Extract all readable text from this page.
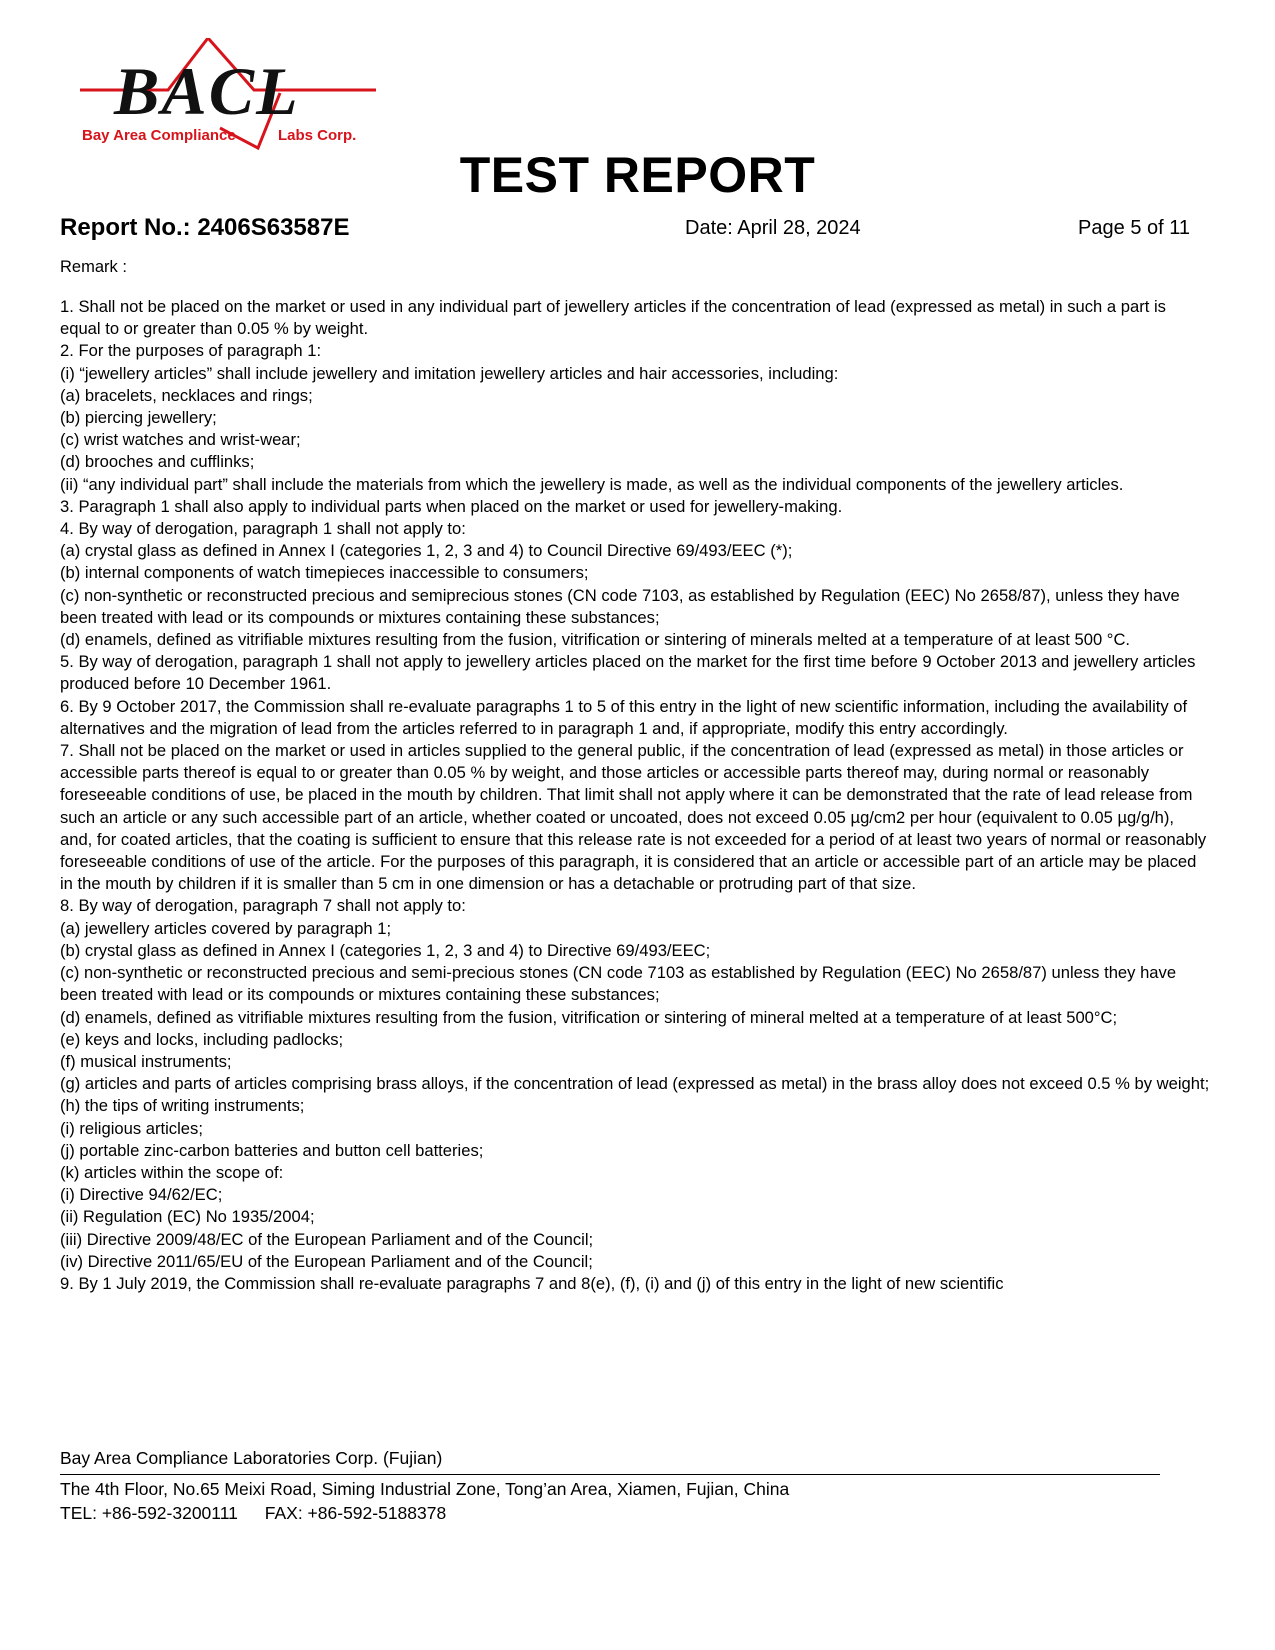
BACL
Bay Area Compliance	Labs Corp.
TEST REPORT
Report No.: 2406S63587E	Date: April 28, 2024	Page 5 of 11

Remark :

1. Shall not be placed on the market or used in any individual part of jewellery articles if the concentration of lead (expressed as metal) in such a part is equal to or greater than 0.05 % by weight.
2. For the purposes of paragraph 1:
(i) “jewellery articles” shall include jewellery and imitation jewellery articles and hair accessories, including:
(a) bracelets, necklaces and rings;
(b) piercing jewellery;
(c) wrist watches and wrist-wear;
(d) brooches and cufflinks;
(ii) “any individual part” shall include the materials from which the jewellery is made, as well as the individual components of the jewellery articles.
3. Paragraph 1 shall also apply to individual parts when placed on the market or used for jewellery-making.
4. By way of derogation, paragraph 1 shall not apply to:
(a) crystal glass as defined in Annex I (categories 1, 2, 3 and 4) to Council Directive 69/493/EEC (*);
(b) internal components of watch timepieces inaccessible to consumers;
(c) non-synthetic or reconstructed precious and semiprecious stones (CN code 7103, as established by Regulation (EEC) No 2658/87), unless they have been treated with lead or its compounds or mixtures containing these substances;
(d) enamels, defined as vitrifiable mixtures resulting from the fusion, vitrification or sintering of minerals melted at a temperature of at least 500 °C.
5. By way of derogation, paragraph 1 shall not apply to jewellery articles placed on the market for the first time before 9 October 2013 and jewellery articles produced before 10 December 1961.
6. By 9 October 2017, the Commission shall re-evaluate paragraphs 1 to 5 of this entry in the light of new scientific information, including the availability of alternatives and the migration of lead from the articles referred to in paragraph 1 and, if appropriate, modify this entry accordingly.
7. Shall not be placed on the market or used in articles supplied to the general public, if the concentration of lead (expressed as metal) in those articles or accessible parts thereof is equal to or greater than 0.05 % by weight, and those articles or accessible parts thereof may, during normal or reasonably foreseeable conditions of use, be placed in the mouth by children. That limit shall not apply where it can be demonstrated that the rate of lead release from such an article or any such accessible part of an article, whether coated or uncoated, does not exceed 0.05 µg/cm2 per hour (equivalent to 0.05 µg/g/h), and, for coated articles, that the coating is sufficient to ensure that this release rate is not exceeded for a period of at least two years of normal or reasonably foreseeable conditions of use of the article. For the purposes of this paragraph, it is considered that an article or accessible part of an article may be placed in the mouth by children if it is smaller than 5 cm in one dimension or has a detachable or protruding part of that size.
8. By way of derogation, paragraph 7 shall not apply to:
(a) jewellery articles covered by paragraph 1;
(b) crystal glass as defined in Annex I (categories 1, 2, 3 and 4) to Directive 69/493/EEC;
(c) non-synthetic or reconstructed precious and semi-precious stones (CN code 7103 as established by Regulation (EEC) No 2658/87) unless they have been treated with lead or its compounds or mixtures containing these substances;
(d) enamels, defined as vitrifiable mixtures resulting from the fusion, vitrification or sintering of mineral melted at a temperature of at least 500°C;
(e) keys and locks, including padlocks;
(f) musical instruments;
(g) articles and parts of articles comprising brass alloys, if the concentration of lead (expressed as metal) in the brass alloy does not exceed 0.5 % by weight;
(h) the tips of writing instruments;
(i) religious articles;
(j) portable zinc-carbon batteries and button cell batteries;
(k) articles within the scope of:
(i) Directive 94/62/EC;
(ii) Regulation (EC) No 1935/2004;
(iii) Directive 2009/48/EC of the European Parliament and of the Council;
(iv) Directive 2011/65/EU of the European Parliament and of the Council;
9. By 1 July 2019, the Commission shall re-evaluate paragraphs 7 and 8(e), (f), (i) and (j) of this entry in the light of new scientific
Bay Area Compliance Laboratories Corp. (Fujian)
The 4th Floor, No.65 Meixi Road, Siming Industrial Zone, Tong’an Area, Xiamen, Fujian, China
TEL: +86-592-3200111 FAX: +86-592-5188378
